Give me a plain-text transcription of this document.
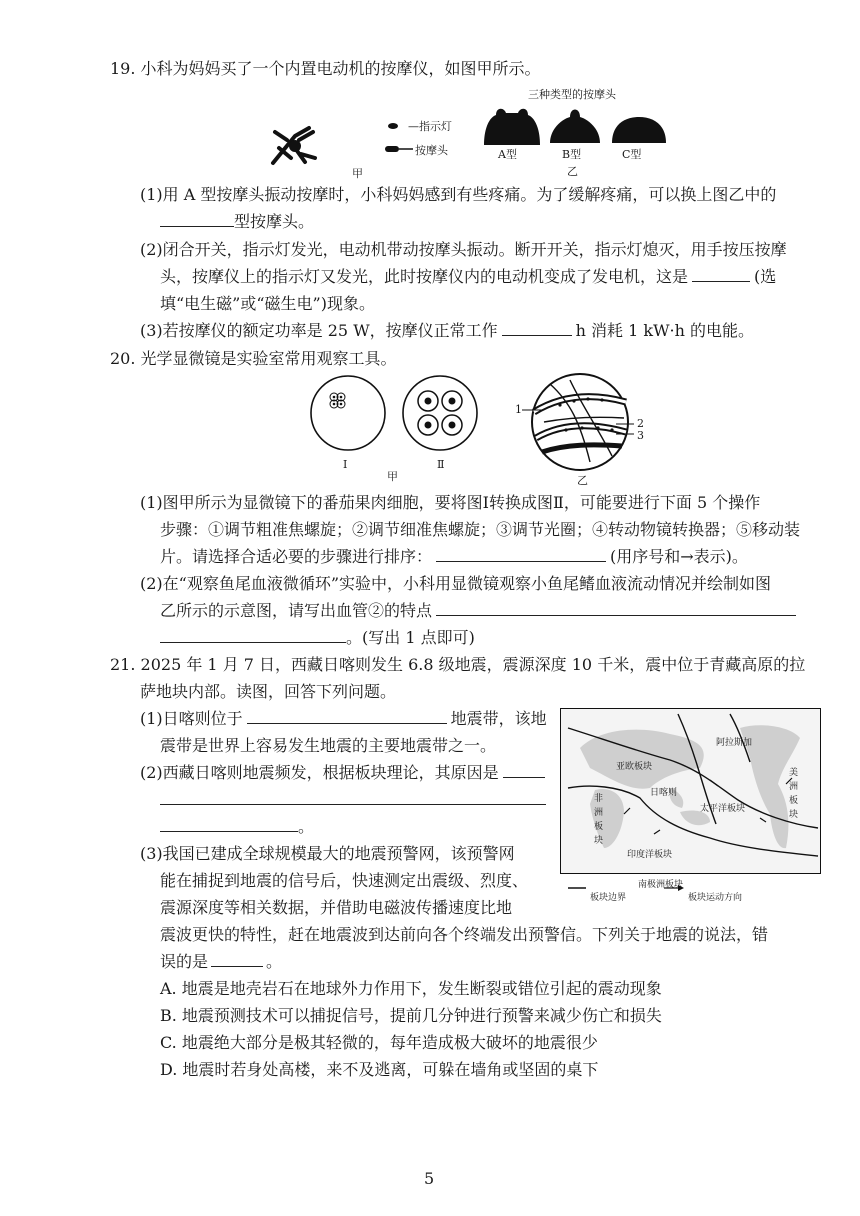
19. 小科为妈妈买了一个内置电动机的按摩仪，如图甲所示。
—指示灯
按摩头
甲
三种类型的按摩头
A型	B型	C型
乙
(1)用 A 型按摩头振动按摩时，小科妈妈感到有些疼痛。为了缓解疼痛，可以换上图乙中的
型按摩头。
(2)闭合开关，指示灯发光，电动机带动按摩头振动。断开开关，指示灯熄灭，用手按压按摩
头，按摩仪上的指示灯又发光，此时按摩仪内的电动机变成了发电机，这是	(选
填“电生磁”或“磁生电”)现象。
(3)若按摩仪的额定功率是 25 W，按摩仪正常工作	h 消耗 1 kW·h 的电能。
20. 光学显微镜是实验室常用观察工具。
Ⅰ	Ⅱ
甲
1
2
3
乙
(1)图甲所示为显微镜下的番茄果肉细胞，要将图Ⅰ转换成图Ⅱ，可能要进行下面 5 个操作
步骤：①调节粗准焦螺旋；②调节细准焦螺旋；③调节光圈；④转动物镜转换器；⑤移动装
片。请选择合适必要的步骤进行排序：	(用序号和→表示)。
(2)在“观察鱼尾血液微循环”实验中，小科用显微镜观察小鱼尾鳍血液流动情况并绘制如图
乙所示的示意图，请写出血管②的特点
。(写出 1 点即可)
21. 2025 年 1 月 7 日，西藏日喀则发生 6.8 级地震，震源深度 10 千米，震中位于青藏高原的拉
萨地块内部。读图，回答下列问题。
(1)日喀则位于	地震带，该地
震带是世界上容易发生地震的主要地震带之一。
(2)西藏日喀则地震频发，根据板块理论，其原因是
。
(3)我国已建成全球规模最大的地震预警网，该预警网
能在捕捉到地震的信号后，快速测定出震级、烈度、
震源深度等相关数据，并借助电磁波传播速度比地
震波更快的特性，赶在地震波到达前向各个终端发出预警信。下列关于地震的说法，错
误的是	。
A. 地震是地壳岩石在地球外力作用下，发生断裂或错位引起的震动现象
B. 地震预测技术可以捕捉信号，提前几分钟进行预警来减少伤亡和损失
C. 地震绝大部分是极其轻微的，每年造成极大破坏的地震很少
D. 地震时若身处高楼，来不及逃离，可躲在墙角或坚固的桌下
阿拉斯加
亚欧板块
日喀则
太平洋板块
印度洋板块
南极洲板块
非
洲
板
块
美
洲
板
块
板块边界	板块运动方向
5
